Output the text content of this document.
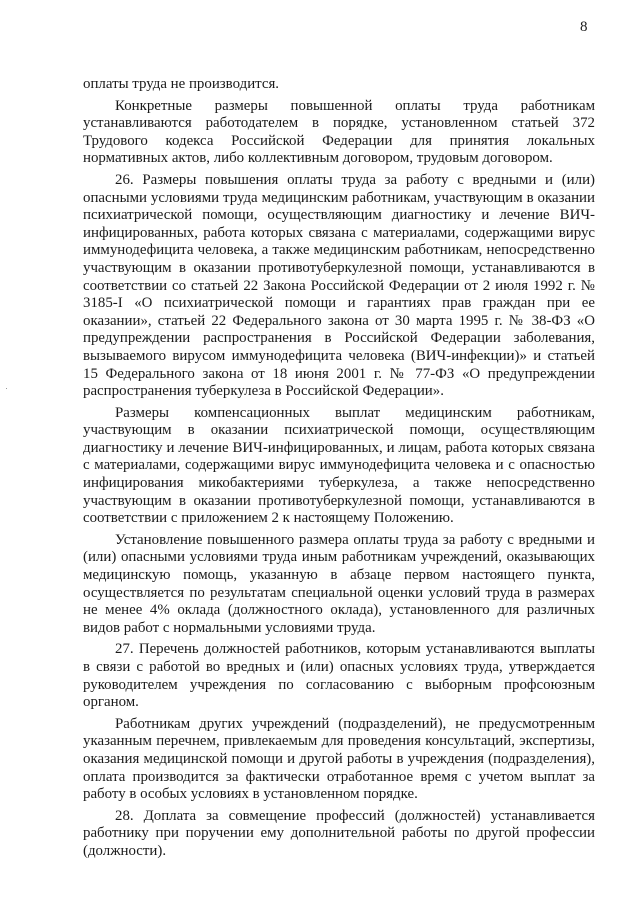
8

оплаты труда не производится.

Конкретные размеры повышенной оплаты труда работникам устанавливаются работодателем в порядке, установленном статьей 372 Трудового кодекса Российской Федерации для принятия локальных нормативных актов, либо коллективным договором, трудовым договором.

26. Размеры повышения оплаты труда за работу с вредными и (или) опасными условиями труда медицинским работникам, участвующим в оказании психиатрической помощи, осуществляющим диагностику и лечение ВИЧ-инфицированных, работа которых связана с материалами, содержащими вирус иммунодефицита человека, а также медицинским работникам, непосредственно участвующим в оказании противотуберкулезной помощи, устанавливаются в соответствии со статьей 22 Закона Российской Федерации от 2 июля 1992 г. № 3185-I «О психиатрической помощи и гарантиях прав граждан при ее оказании», статьей 22 Федерального закона от 30 марта 1995 г. № 38-ФЗ «О предупреждении распространения в Российской Федерации заболевания, вызываемого вирусом иммунодефицита человека (ВИЧ-инфекции)» и статьей 15 Федерального закона от 18 июня 2001 г. № 77-ФЗ «О предупреждении распространения туберкулеза в Российской Федерации».

Размеры компенсационных выплат медицинским работникам, участвующим в оказании психиатрической помощи, осуществляющим диагностику и лечение ВИЧ-инфицированных, и лицам, работа которых связана с материалами, содержащими вирус иммунодефицита человека и с опасностью инфицирования микобактериями туберкулеза, а также непосредственно участвующим в оказании противотуберкулезной помощи, устанавливаются в соответствии с приложением 2 к настоящему Положению.

Установление повышенного размера оплаты труда за работу с вредными и (или) опасными условиями труда иным работникам учреждений, оказывающих медицинскую помощь, указанную в абзаце первом настоящего пункта, осуществляется по результатам специальной оценки условий труда в размерах не менее 4% оклада (должностного оклада), установленного для различных видов работ с нормальными условиями труда.

27. Перечень должностей работников, которым устанавливаются выплаты в связи с работой во вредных и (или) опасных условиях труда, утверждается руководителем учреждения по согласованию с выборным профсоюзным органом.

Работникам других учреждений (подразделений), не предусмотренным указанным перечнем, привлекаемым для проведения консультаций, экспертизы, оказания медицинской помощи и другой работы в учреждения (подразделения), оплата производится за фактически отработанное время с учетом выплат за работу в особых условиях в установленном порядке.

28. Доплата за совмещение профессий (должностей) устанавливается работнику при поручении ему дополнительной работы по другой профессии (должности).
